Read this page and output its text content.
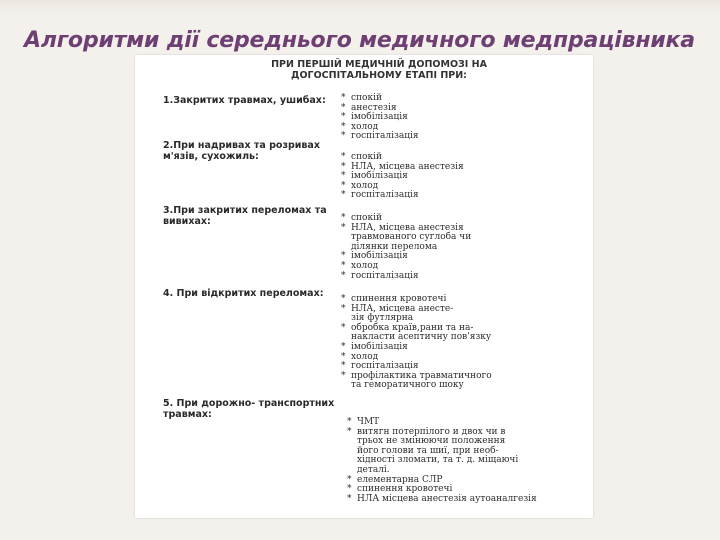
Алгоритми дії середнього медичного медпрацівника
ПРИ ПЕРШІЙ МЕДИЧНІЙ ДОПОМОЗІ НА
ДОГОСПІТАЛЬНОМУ ЕТАПІ ПРИ:
1.Закритих травмах, ушибах:	* спокій
* анестезія
* імобілізація
* холод
* госпіталізація
2.При надривах та розривах м'язів, сухожиль:	* спокій
* НЛА, місцева анестезія
* імобілізація
* холод
* госпіталізація
3.При закритих переломах та вивихах:	* спокій
* НЛА, місцева анестезія
травмованого суглоба чи
ділянки перелома
* імобілізація
* холод
* госпіталізація
4. При відкритих переломах:	* спинення кровотечі
* НЛА, місцева анесте-
зія футлярна
* обробка країв,рани та на-
накласти асептичну пов'язку
* імобілізація
* холод
* госпіталізація
* профілактика травматичного
та геморатичного шоку
5. При дорожно- транспортних травмах:
* ЧМТ
* витягн потерпілого и двох чи в
трьох не змінюючи положення
його голови та шиї, при необ-
хідності зломати, та т. д. міщаючі
деталі.
* елементарна СЛР
* спинення кровотечі
* НЛА місцева анестезія аутоаналгезія
